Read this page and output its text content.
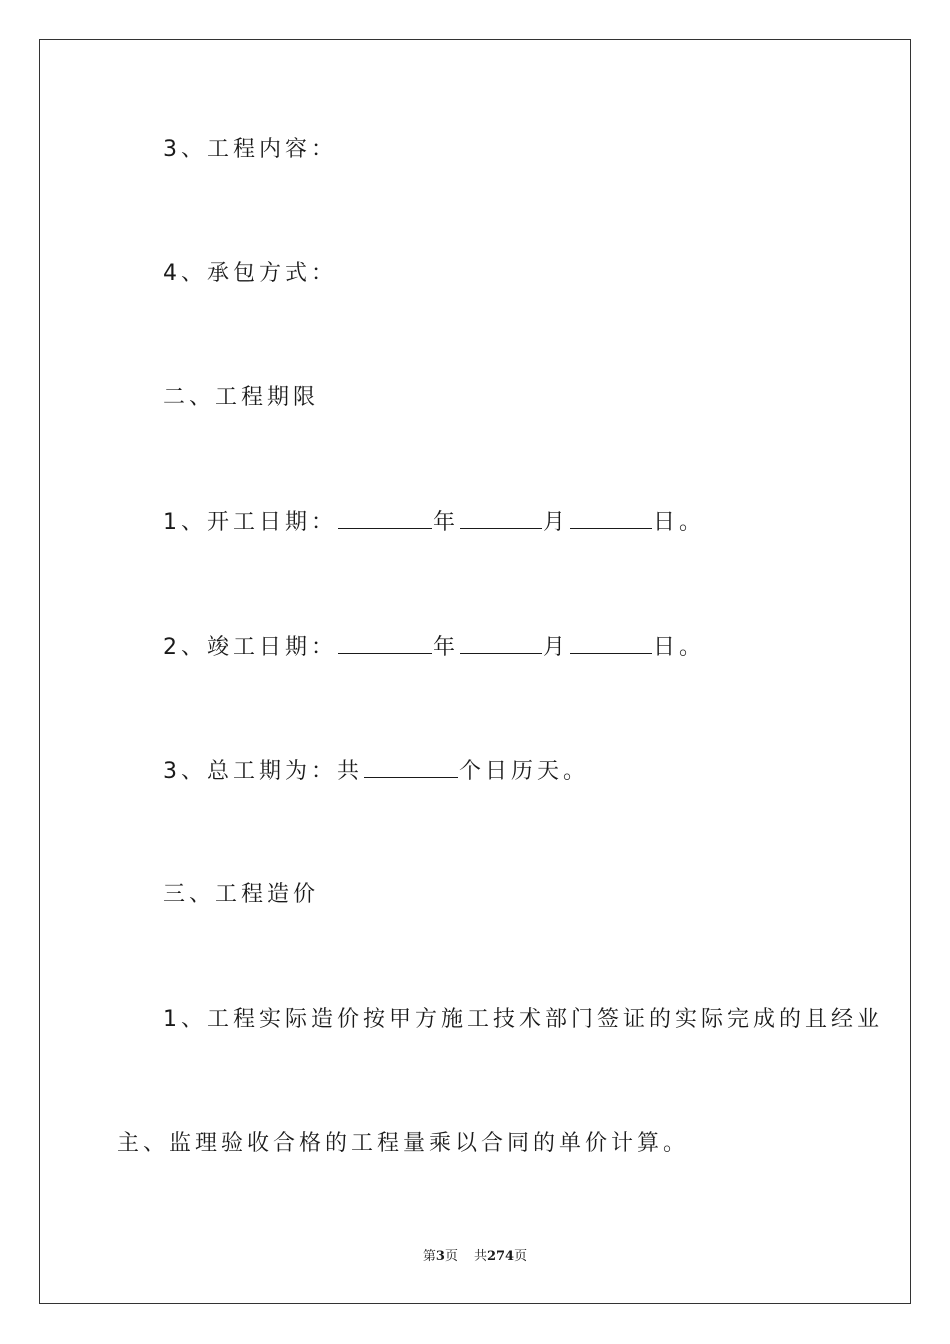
3、工程内容：
4、承包方式：
二、工程期限
1、开工日期：	年	月	日。
2、竣工日期：	年	月	日。
3、总工期为：共	个日历天。
三、工程造价
1、工程实际造价按甲方施工技术部门签证的实际完成的且经业
主、监理验收合格的工程量乘以合同的单价计算。
第3页 共274页
